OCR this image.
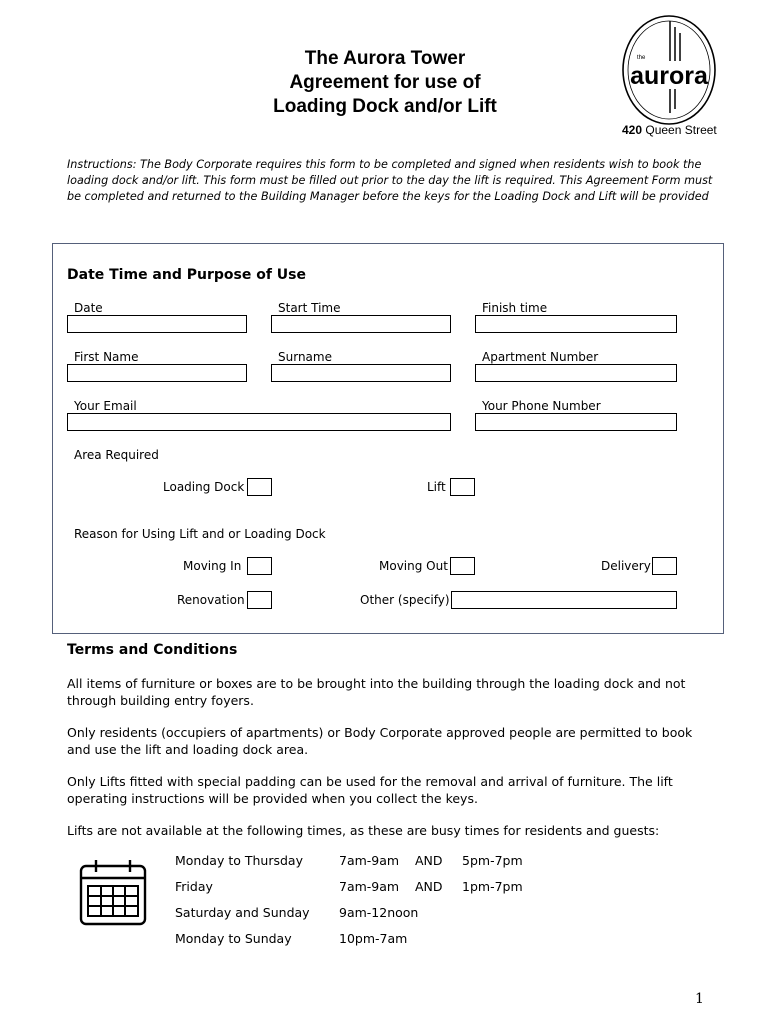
The Aurora Tower
Agreement for use of
Loading Dock and/or Lift
the
aurora
420 Queen Street
Instructions: The Body Corporate requires this form to be completed and signed when residents wish to book the loading dock and/or lift. This form must be filled out prior to the day the lift is required. This Agreement Form must be completed and returned to the Building Manager before the keys for the Loading Dock and Lift will be provided
Date Time and Purpose of Use
Date	Start Time	Finish time
First Name	Surname	Apartment Number
Your Email	Your Phone Number
Area Required
Loading Dock	Lift
Reason for Using Lift and or Loading Dock
Moving In	Moving Out	Delivery
Renovation	Other (specify)
Terms and Conditions
All items of furniture or boxes are to be brought into the building through the loading dock and not through building entry foyers.
Only residents (occupiers of apartments) or Body Corporate approved people are permitted to book and use the lift and loading dock area.
Only Lifts fitted with special padding can be used for the removal and arrival of furniture. The lift operating instructions will be provided when you collect the keys.
Lifts are not available at the following times, as these are busy times for residents and guests:
Monday to Thursday	7am-9am AND 5pm-7pm
Friday	7am-9am AND 1pm-7pm
Saturday and Sunday 9am-12noon
Monday to Sunday	10pm-7am
1
